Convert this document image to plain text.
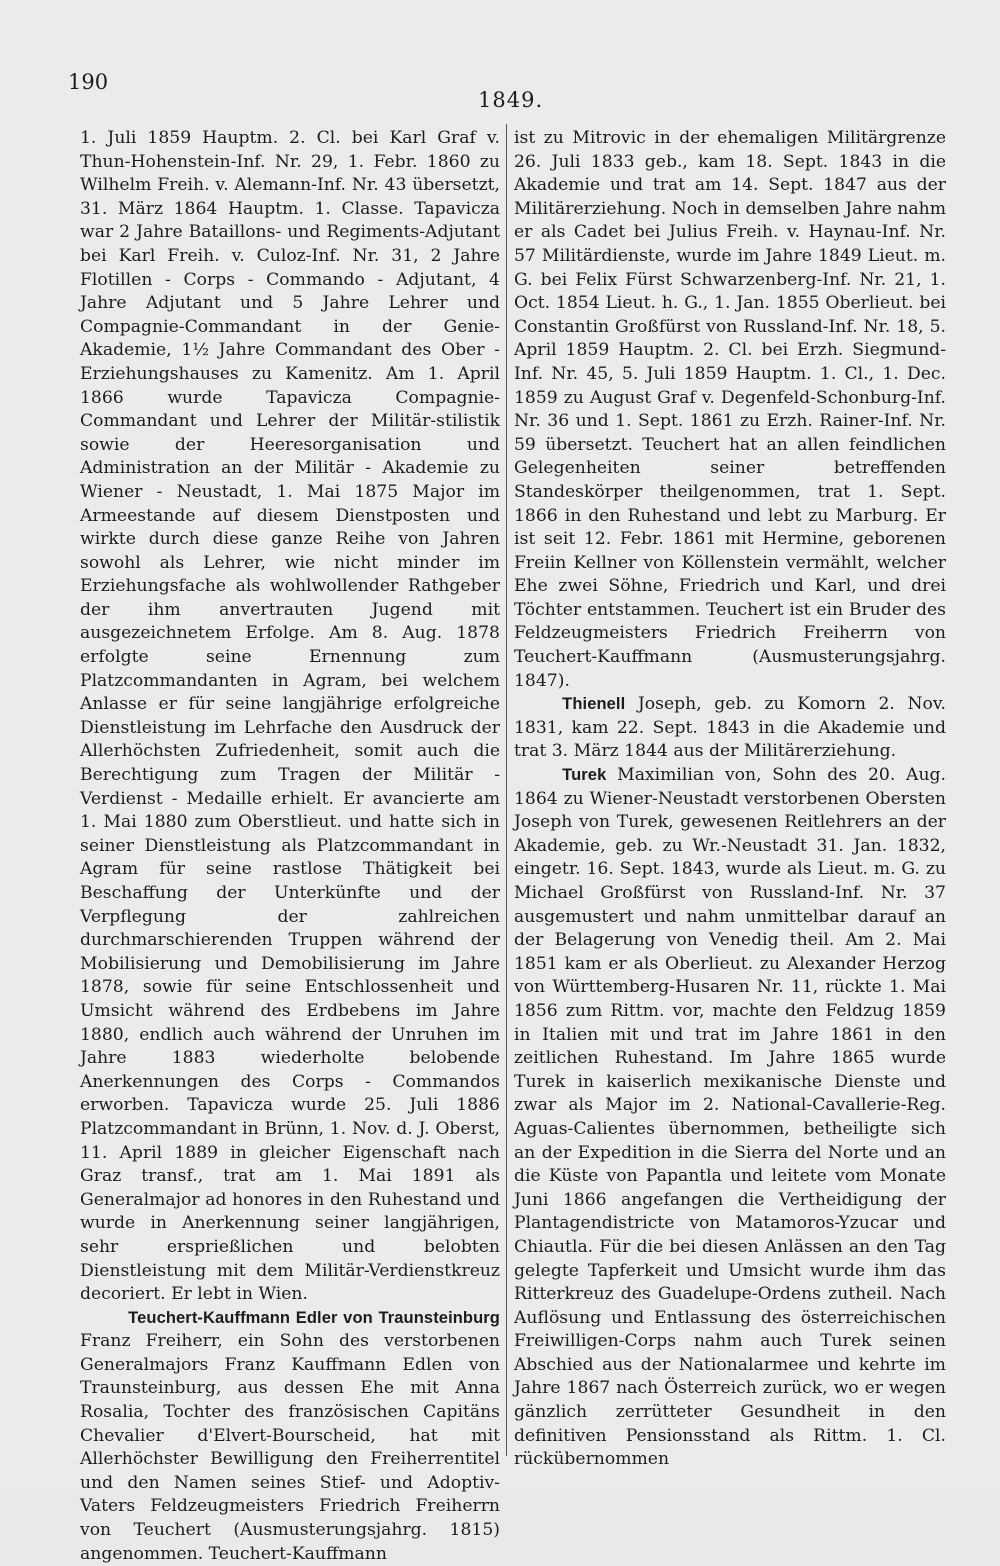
190
1849.

1. Juli 1859 Hauptm. 2. Cl. bei Karl Graf v. Thun-Hohenstein-Inf. Nr. 29, 1. Febr. 1860 zu Wilhelm Freih. v. Alemann-Inf. Nr. 43 übersetzt, 31. März 1864 Hauptm. 1. Classe. Tapavicza war 2 Jahre Bataillons- und Regiments-Adjutant bei Karl Freih. v. Culoz-Inf. Nr. 31, 2 Jahre Flotillen - Corps - Commando - Adjutant, 4 Jahre Adjutant und 5 Jahre Lehrer und Compagnie-Commandant in der Genie-Akademie, 1½ Jahre Commandant des Ober - Erziehungshauses zu Kamenitz. Am 1. April 1866 wurde Tapavicza Compagnie-Commandant und Lehrer der Militär-stilistik sowie der Heeresorganisation und Administration an der Militär - Akademie zu Wiener - Neustadt, 1. Mai 1875 Major im Armeestande auf diesem Dienstposten und wirkte durch diese ganze Reihe von Jahren sowohl als Lehrer, wie nicht minder im Erziehungsfache als wohlwollender Rathgeber der ihm anvertrauten Jugend mit ausgezeichnetem Erfolge. Am 8. Aug. 1878 erfolgte seine Ernennung zum Platzcommandanten in Agram, bei welchem Anlasse er für seine langjährige erfolgreiche Dienstleistung im Lehrfache den Ausdruck der Allerhöchsten Zufriedenheit, somit auch die Berechtigung zum Tragen der Militär - Verdienst - Medaille erhielt. Er avancierte am 1. Mai 1880 zum Oberstlieut. und hatte sich in seiner Dienstleistung als Platzcommandant in Agram für seine rastlose Thätigkeit bei Beschaffung der Unterkünfte und der Verpflegung der zahlreichen durchmarschierenden Truppen während der Mobilisierung und Demobilisierung im Jahre 1878, sowie für seine Entschlossenheit und Umsicht während des Erdbebens im Jahre 1880, endlich auch während der Unruhen im Jahre 1883 wiederholte belobende Anerkennungen des Corps - Commandos erworben. Tapavicza wurde 25. Juli 1886 Platzcommandant in Brünn, 1. Nov. d. J. Oberst, 11. April 1889 in gleicher Eigenschaft nach Graz transf., trat am 1. Mai 1891 als Generalmajor ad honores in den Ruhestand und wurde in Anerkennung seiner langjährigen, sehr ersprießlichen und belobten Dienstleistung mit dem Militär-Verdienstkreuz decoriert. Er lebt in Wien.

Teuchert-Kauffmann Edler von Traunsteinburg Franz Freiherr, ein Sohn des verstorbenen Generalmajors Franz Kauffmann Edlen von Traunsteinburg, aus dessen Ehe mit Anna Rosalia, Tochter des französischen Capitäns Chevalier d'Elvert-Bourscheid, hat mit Allerhöchster Bewilligung den Freiherrentitel und den Namen seines Stief- und Adoptiv-Vaters Feldzeugmeisters Friedrich Freiherrn von Teuchert (Ausmusterungsjahrg. 1815) angenommen. Teuchert-Kauffmann

ist zu Mitrovic in der ehemaligen Militärgrenze 26. Juli 1833 geb., kam 18. Sept. 1843 in die Akademie und trat am 14. Sept. 1847 aus der Militärerziehung. Noch in demselben Jahre nahm er als Cadet bei Julius Freih. v. Haynau-Inf. Nr. 57 Militärdienste, wurde im Jahre 1849 Lieut. m. G. bei Felix Fürst Schwarzenberg-Inf. Nr. 21, 1. Oct. 1854 Lieut. h. G., 1. Jan. 1855 Oberlieut. bei Constantin Großfürst von Russland-Inf. Nr. 18, 5. April 1859 Hauptm. 2. Cl. bei Erzh. Siegmund-Inf. Nr. 45, 5. Juli 1859 Hauptm. 1. Cl., 1. Dec. 1859 zu August Graf v. Degenfeld-Schonburg-Inf. Nr. 36 und 1. Sept. 1861 zu Erzh. Rainer-Inf. Nr. 59 übersetzt. Teuchert hat an allen feindlichen Gelegenheiten seiner betreffenden Standeskörper theilgenommen, trat 1. Sept. 1866 in den Ruhestand und lebt zu Marburg. Er ist seit 12. Febr. 1861 mit Hermine, geborenen Freiin Kellner von Köllenstein vermählt, welcher Ehe zwei Söhne, Friedrich und Karl, und drei Töchter entstammen. Teuchert ist ein Bruder des Feldzeugmeisters Friedrich Freiherrn von Teuchert-Kauffmann (Ausmusterungsjahrg. 1847).

Thienell Joseph, geb. zu Komorn 2. Nov. 1831, kam 22. Sept. 1843 in die Akademie und trat 3. März 1844 aus der Militärerziehung.

Turek Maximilian von, Sohn des 20. Aug. 1864 zu Wiener-Neustadt verstorbenen Obersten Joseph von Turek, gewesenen Reitlehrers an der Akademie, geb. zu Wr.-Neustadt 31. Jan. 1832, eingetr. 16. Sept. 1843, wurde als Lieut. m. G. zu Michael Großfürst von Russland-Inf. Nr. 37 ausgemustert und nahm unmittelbar darauf an der Belagerung von Venedig theil. Am 2. Mai 1851 kam er als Oberlieut. zu Alexander Herzog von Württemberg-Husaren Nr. 11, rückte 1. Mai 1856 zum Rittm. vor, machte den Feldzug 1859 in Italien mit und trat im Jahre 1861 in den zeitlichen Ruhestand. Im Jahre 1865 wurde Turek in kaiserlich mexikanische Dienste und zwar als Major im 2. National-Cavallerie-Reg. Aguas-Calientes übernommen, betheiligte sich an der Expedition in die Sierra del Norte und an die Küste von Papantla und leitete vom Monate Juni 1866 angefangen die Vertheidigung der Plantagendistricte von Matamoros-Yzucar und Chiautla. Für die bei diesen Anlässen an den Tag gelegte Tapferkeit und Umsicht wurde ihm das Ritterkreuz des Guadelupe-Ordens zutheil. Nach Auflösung und Entlassung des österreichischen Freiwilligen-Corps nahm auch Turek seinen Abschied aus der Nationalarmee und kehrte im Jahre 1867 nach Österreich zurück, wo er wegen gänzlich zerrütteter Gesundheit in den definitiven Pensionsstand als Rittm. 1. Cl. rückübernommen
